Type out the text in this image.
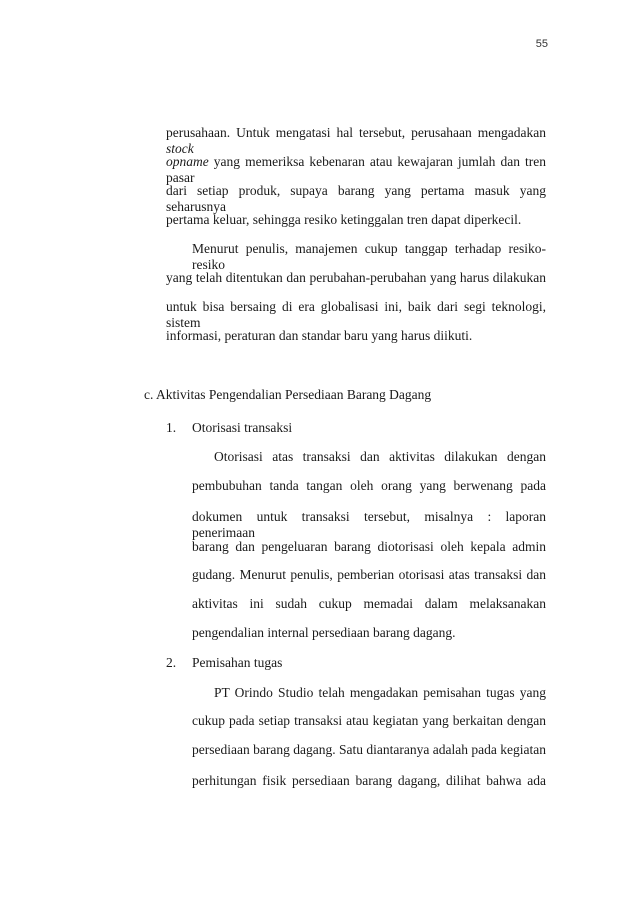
55
perusahaan. Untuk mengatasi hal tersebut, perusahaan mengadakan stock
opname yang memeriksa kebenaran atau kewajaran jumlah dan tren pasar
dari setiap produk, supaya barang yang pertama masuk yang seharusnya
pertama keluar, sehingga resiko ketinggalan tren dapat diperkecil.
Menurut penulis, manajemen cukup tanggap terhadap resiko-resiko
yang telah ditentukan dan perubahan-perubahan yang harus dilakukan
untuk bisa bersaing di era globalisasi ini, baik dari segi teknologi, sistem
informasi, peraturan dan standar baru yang harus diikuti.
c. Aktivitas Pengendalian Persediaan Barang Dagang
1. Otorisasi transaksi
Otorisasi atas transaksi dan aktivitas dilakukan dengan
pembubuhan tanda tangan oleh orang yang berwenang pada
dokumen untuk transaksi tersebut, misalnya : laporan penerimaan
barang dan pengeluaran barang diotorisasi oleh kepala admin
gudang. Menurut penulis, pemberian otorisasi atas transaksi dan
aktivitas ini sudah cukup memadai dalam melaksanakan
pengendalian internal persediaan barang dagang.
2. Pemisahan tugas
PT Orindo Studio telah mengadakan pemisahan tugas yang
cukup pada setiap transaksi atau kegiatan yang berkaitan dengan
persediaan barang dagang. Satu diantaranya adalah pada kegiatan
perhitungan fisik persediaan barang dagang, dilihat bahwa ada
